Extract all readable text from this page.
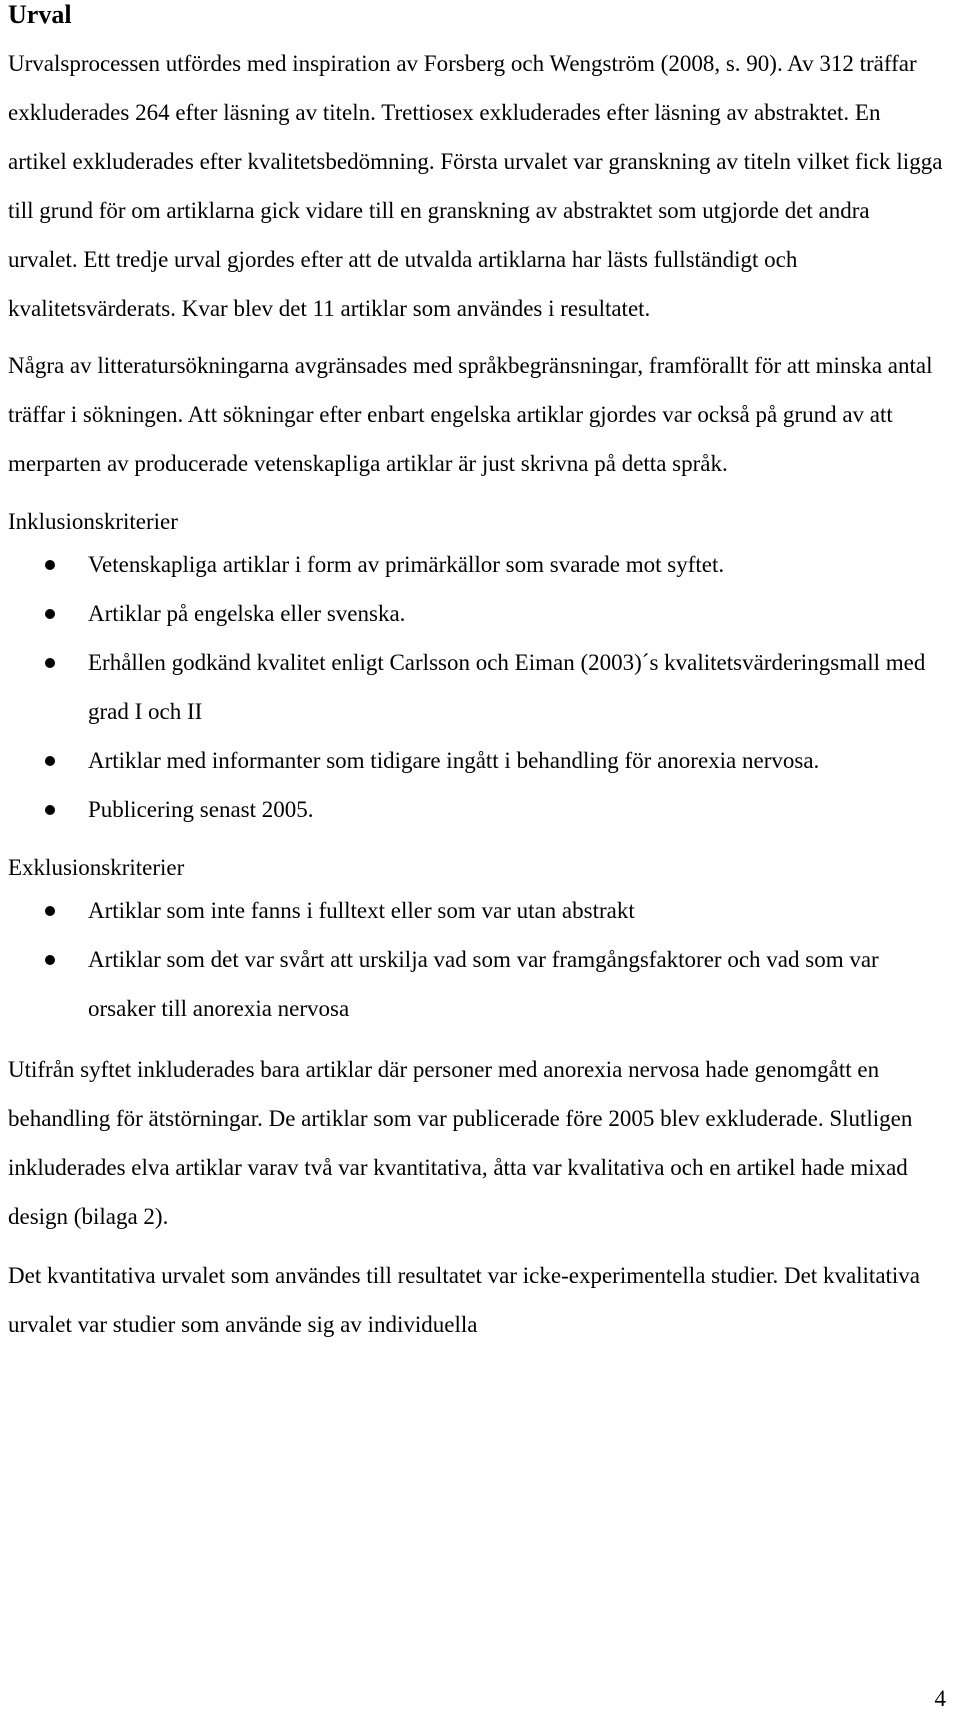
Urval

Urvalsprocessen utfördes med inspiration av Forsberg och Wengström (2008, s. 90). Av 312 träffar exkluderades 264 efter läsning av titeln. Trettiosex exkluderades efter läsning av abstraktet. En artikel exkluderades efter kvalitetsbedömning. Första urvalet var granskning av titeln vilket fick ligga till grund för om artiklarna gick vidare till en granskning av abstraktet som utgjorde det andra urvalet. Ett tredje urval gjordes efter att de utvalda artiklarna har lästs fullständigt och kvalitetsvärderats. Kvar blev det 11 artiklar som användes i resultatet.

Några av litteratursökningarna avgränsades med språkbegränsningar, framförallt för att minska antal träffar i sökningen. Att sökningar efter enbart engelska artiklar gjordes var också på grund av att merparten av producerade vetenskapliga artiklar är just skrivna på detta språk.

Inklusionskriterier
Vetenskapliga artiklar i form av primärkällor som svarade mot syftet.
Artiklar på engelska eller svenska.
Erhållen godkänd kvalitet enligt Carlsson och Eiman (2003)´s kvalitetsvärderingsmall med grad I och II
Artiklar med informanter som tidigare ingått i behandling för anorexia nervosa.
Publicering senast 2005.
Exklusionskriterier
Artiklar som inte fanns i fulltext eller som var utan abstrakt
Artiklar som det var svårt att urskilja vad som var framgångsfaktorer och vad som var orsaker till anorexia nervosa

Utifrån syftet inkluderades bara artiklar där personer med anorexia nervosa hade genomgått en behandling för ätstörningar. De artiklar som var publicerade före 2005 blev exkluderade. Slutligen inkluderades elva artiklar varav två var kvantitativa, åtta var kvalitativa och en artikel hade mixad design (bilaga 2).

Det kvantitativa urvalet som användes till resultatet var icke-experimentella studier. Det kvalitativa urvalet var studier som använde sig av individuella

4
